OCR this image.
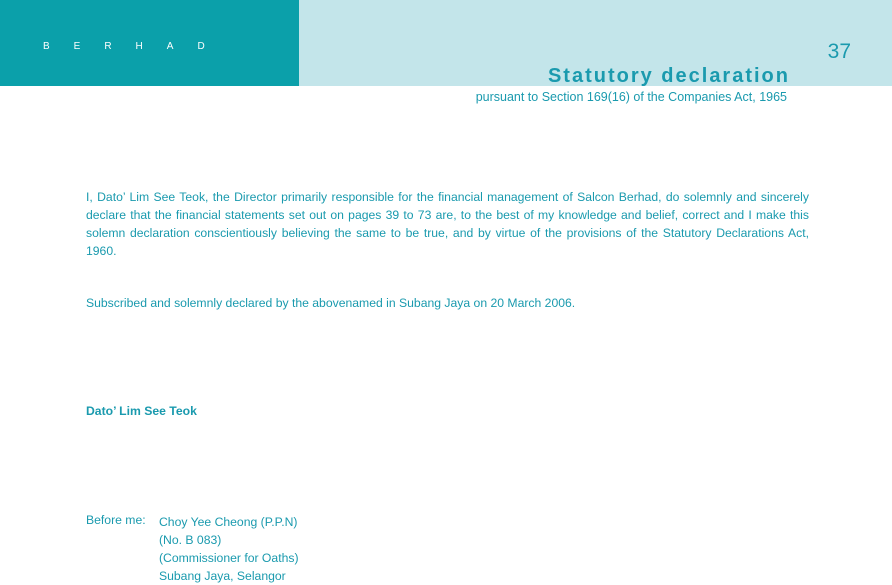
BERHAD	37
Statutory declaration
pursuant to Section 169(16) of the Companies Act, 1965

I, Dato’ Lim See Teok, the Director primarily responsible for the financial management of Salcon Berhad, do solemnly and sincerely declare that the financial statements set out on pages 39 to 73 are, to the best of my knowledge and belief, correct and I make this solemn declaration conscientiously believing the same to be true, and by virtue of the provisions of the Statutory Declarations Act, 1960.

Subscribed and solemnly declared by the abovenamed in Subang Jaya on 20 March 2006.

Dato’ Lim See Teok

Before me: Choy Yee Cheong (P.P.N)
(No. B 083)
(Commissioner for Oaths)
Subang Jaya, Selangor
